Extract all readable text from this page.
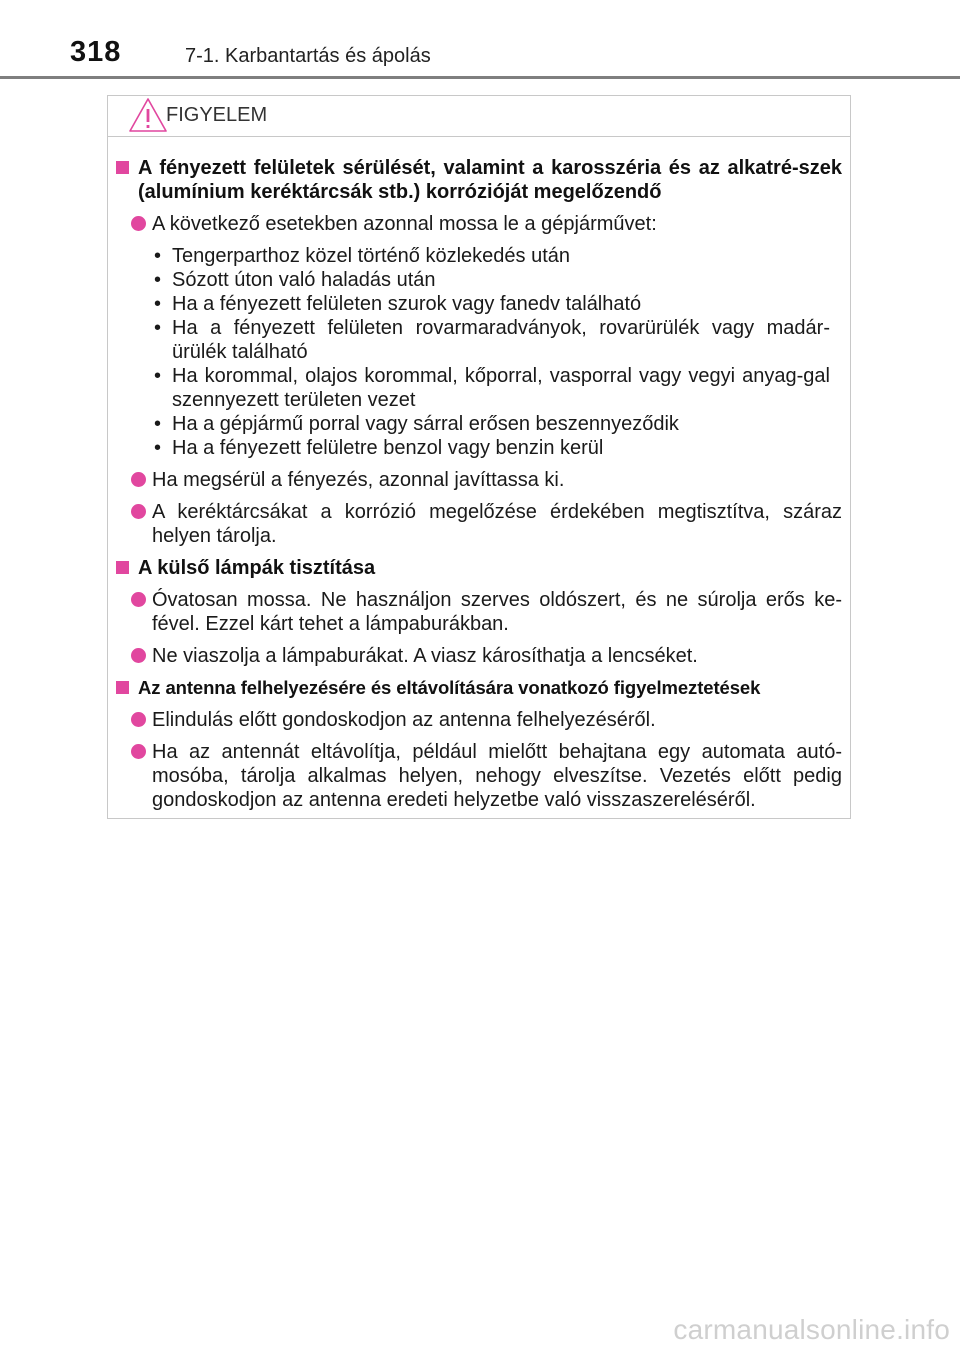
318	7-1. Karbantartás és ápolás
FIGYELEM
A fényezett felületek sérülését, valamint a karosszéria és az alkatré-szek (alumínium keréktárcsák stb.) korrózióját megelőzendő
A következő esetekben azonnal mossa le a gépjárművet:
• Tengerparthoz közel történő közlekedés után
• Sózott úton való haladás után
• Ha a fényezett felületen szurok vagy fanedv található
• Ha a fényezett felületen rovarmaradványok, rovarürülék vagy madár-ürülék található
• Ha korommal, olajos korommal, kőporral, vasporral vagy vegyi anyag-gal szennyezett területen vezet
• Ha a gépjármű porral vagy sárral erősen beszennyeződik
• Ha a fényezett felületre benzol vagy benzin kerül
Ha megsérül a fényezés, azonnal javíttassa ki.
A keréktárcsákat a korrózió megelőzése érdekében megtisztítva, száraz helyen tárolja.
A külső lámpák tisztítása
Óvatosan mossa. Ne használjon szerves oldószert, és ne súrolja erős ke-fével. Ezzel kárt tehet a lámpaburákban.
Ne viaszolja a lámpaburákat. A viasz károsíthatja a lencséket.
Az antenna felhelyezésére és eltávolítására vonatkozó figyelmeztetések
Elindulás előtt gondoskodjon az antenna felhelyezéséről.
Ha az antennát eltávolítja, például mielőtt behajtana egy automata autó-mosóba, tárolja alkalmas helyen, nehogy elveszítse. Vezetés előtt pedig gondoskodjon az antenna eredeti helyzetbe való visszaszereléséről.
carmanualsonline.info
